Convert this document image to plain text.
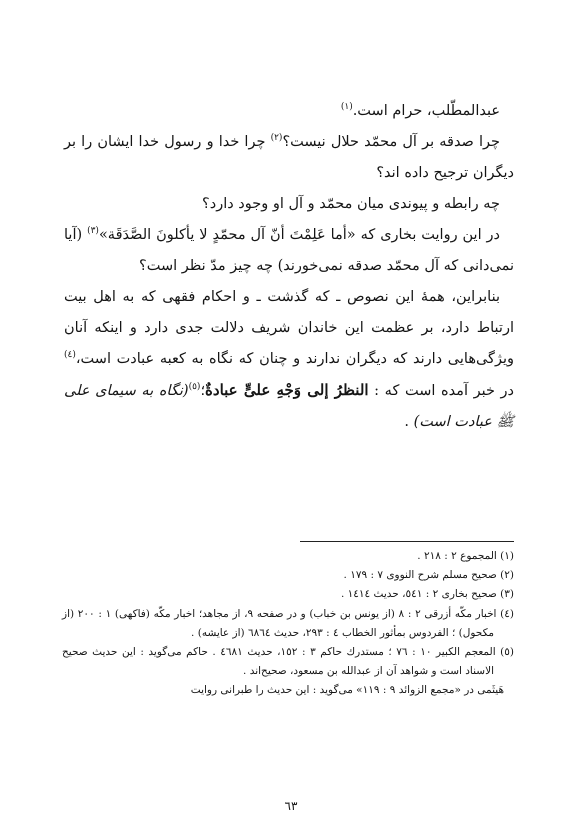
عبدالمطّلب، حرام است.$^{(١)}$

چرا صدقه بر آل محمّد حلال نیست؟$^{(٢)}$ چرا خدا و رسول خدا ایشان را بر دیگران ترجیح داده اند؟

چه رابطه و پیوندی میان محمّد و آل او وجود دارد؟

در این روایت بخاری که «أما عَلِمْتَ أنّ آل محمّدٍ لا یأکلونَ الصَّدَقَة»$^{(٣)}$ (آیا نمی‌دانی که آل محمّد صدقه نمی‌خورند) چه چیز مدّ نظر است؟

بنابراین، همهٔ این نصوص ـ که گذشت ـ و احکام فقهی که به اهل بیت ارتباط دارد، بر عظمت این خاندان شریف دلالت جدی دارد و اینکه آنان ویژگی‌هایی دارند که دیگران ندارند و چنان که نگاه به کعبه عبادت است،$^{(٤)}$ در خبر آمده است که : النظرُ إلی وَجْهِ علیٍّ عبادةٌ؛$^{(٥)}$(نگاه به سیمای علی ﷺ عبادت است) .

(١) المجموع ٢ : ٢١٨ .

(٢) صحیح مسلم شرح النووی ٧ : ١٧٩ .

(٣) صحیح بخاری ٢ : ٥٤١، حدیث ١٤١٤ .

(٤) اخبار مکّه أزرقی ٢ : ٨ (از یونس بن خباب) و در صفحه ٩، از مجاهد؛ اخبار مکّه (فاکهی) ١ : ٢٠٠ (از مکحول) ؛ الفردوس بمأثور الخطاب ٤ : ٢٩٣، حدیث ٦٨٦٤ (از عایشه) .

(٥) المعجم الکبیر ١٠ : ٧٦ ؛ مستدرك حاکم ٣ : ١٥٢، حدیث ٤٦٨١ . حاکم می‌گوید : این حدیث صحیح الاسناد است و شواهد آن از عبدالله بن مسعود، صحیح‌اند .

هَیثَمی در «مجمع الزوائد ٩ : ١١٩» می‌گوید : این حدیث را طبرانی روایت

٦٣
